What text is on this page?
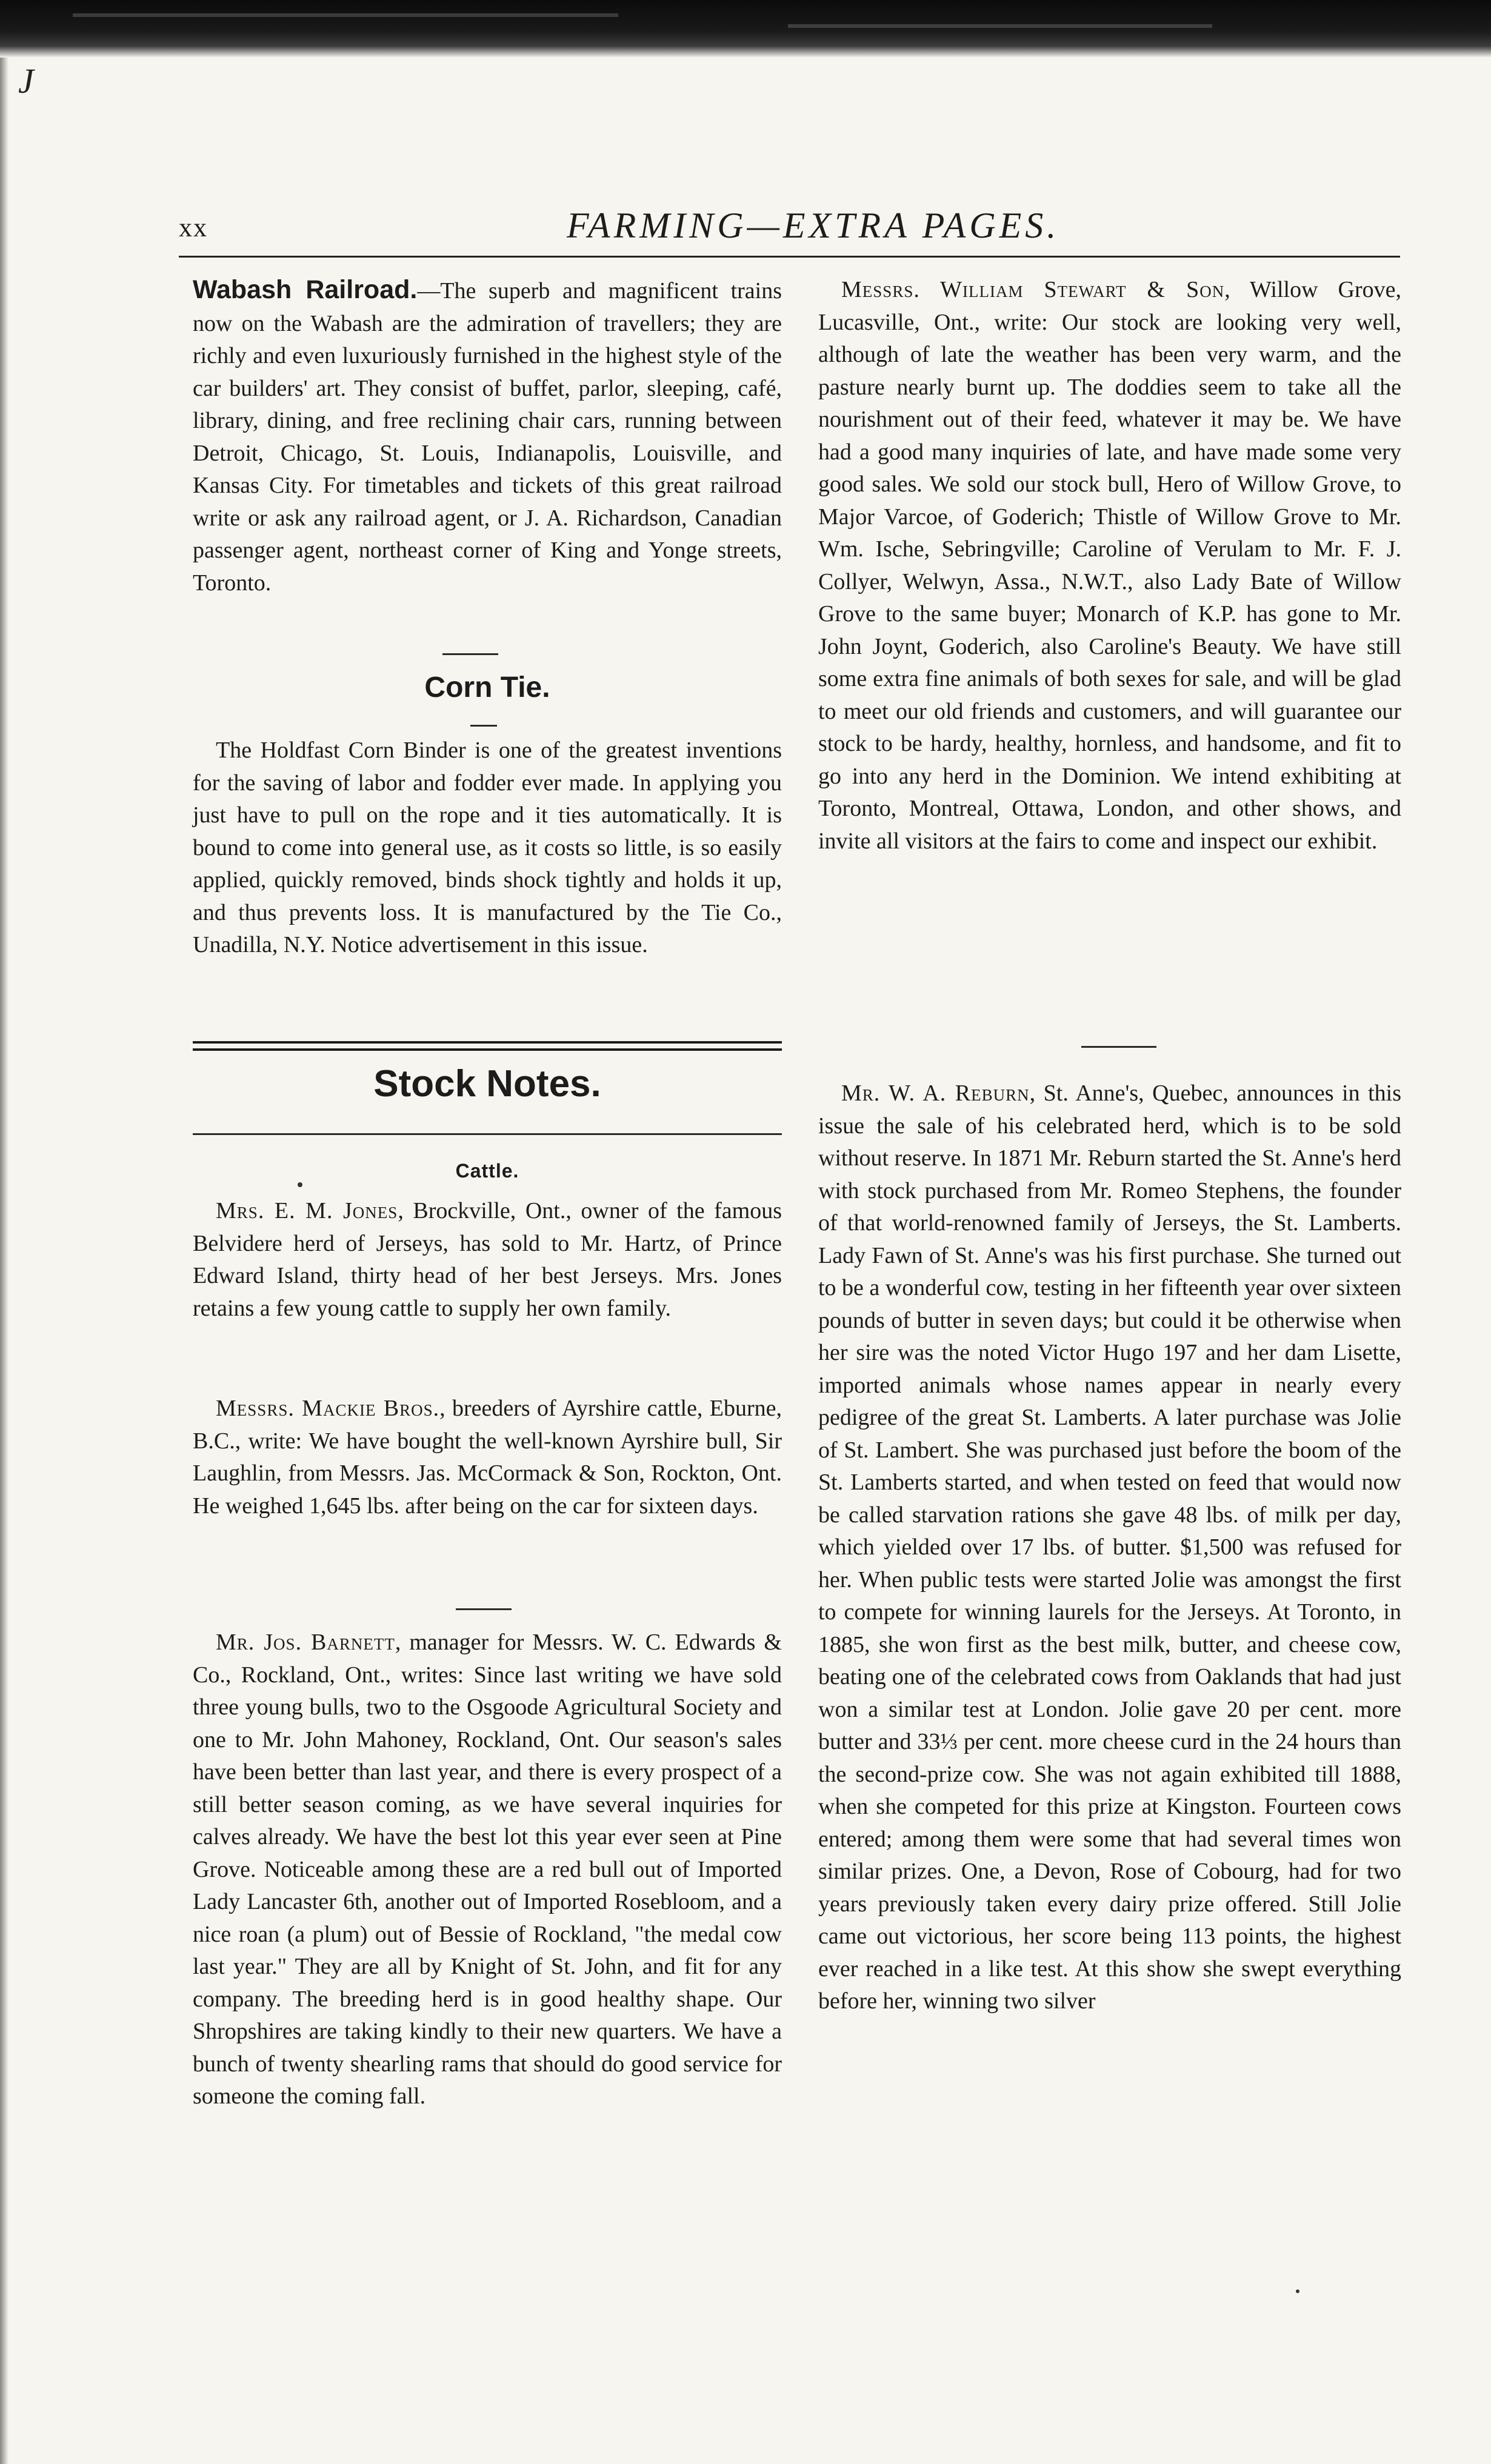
J
xx	FARMING—EXTRA PAGES.

Wabash Railroad.—The superb and magnificent trains now on the Wabash are the admiration of travellers; they are richly and even luxuriously furnished in the highest style of the car builders' art. They consist of buffet, parlor, sleeping, café, library, dining, and free reclining chair cars, running between Detroit, Chicago, St. Louis, Indianapolis, Louisville, and Kansas City. For timetables and tickets of this great railroad write or ask any railroad agent, or J. A. Richardson, Canadian passenger agent, northeast corner of King and Yonge streets, Toronto.

Corn Tie.

The Holdfast Corn Binder is one of the greatest inventions for the saving of labor and fodder ever made. In applying you just have to pull on the rope and it ties automatically. It is bound to come into general use, as it costs so little, is so easily applied, quickly removed, binds shock tightly and holds it up, and thus prevents loss. It is manufactured by the Tie Co., Unadilla, N.Y. Notice advertisement in this issue.

Stock Notes.
Cattle.

Mrs. E. M. Jones, Brockville, Ont., owner of the famous Belvidere herd of Jerseys, has sold to Mr. Hartz, of Prince Edward Island, thirty head of her best Jerseys. Mrs. Jones retains a few young cattle to supply her own family.

Messrs. Mackie Bros., breeders of Ayrshire cattle, Eburne, B.C., write: We have bought the well-known Ayrshire bull, Sir Laughlin, from Messrs. Jas. McCormack & Son, Rockton, Ont. He weighed 1,645 lbs. after being on the car for sixteen days.

Mr. Jos. Barnett, manager for Messrs. W. C. Edwards & Co., Rockland, Ont., writes: Since last writing we have sold three young bulls, two to the Osgoode Agricultural Society and one to Mr. John Mahoney, Rockland, Ont. Our season's sales have been better than last year, and there is every prospect of a still better season coming, as we have several inquiries for calves already. We have the best lot this year ever seen at Pine Grove. Noticeable among these are a red bull out of Imported Lady Lancaster 6th, another out of Imported Rosebloom, and a nice roan (a plum) out of Bessie of Rockland, "the medal cow last year." They are all by Knight of St. John, and fit for any company. The breeding herd is in good healthy shape. Our Shropshires are taking kindly to their new quarters. We have a bunch of twenty shearling rams that should do good service for someone the coming fall.

Messrs. William Stewart & Son, Willow Grove, Lucasville, Ont., write: Our stock are looking very well, although of late the weather has been very warm, and the pasture nearly burnt up. The doddies seem to take all the nourishment out of their feed, whatever it may be. We have had a good many inquiries of late, and have made some very good sales. We sold our stock bull, Hero of Willow Grove, to Major Varcoe, of Goderich; Thistle of Willow Grove to Mr. Wm. Ische, Sebringville; Caroline of Verulam to Mr. F. J. Collyer, Welwyn, Assa., N.W.T., also Lady Bate of Willow Grove to the same buyer; Monarch of K.P. has gone to Mr. John Joynt, Goderich, also Caroline's Beauty. We have still some extra fine animals of both sexes for sale, and will be glad to meet our old friends and customers, and will guarantee our stock to be hardy, healthy, hornless, and handsome, and fit to go into any herd in the Dominion. We intend exhibiting at Toronto, Montreal, Ottawa, London, and other shows, and invite all visitors at the fairs to come and inspect our exhibit.

Mr. W. A. Reburn, St. Anne's, Quebec, announces in this issue the sale of his celebrated herd, which is to be sold without reserve. In 1871 Mr. Reburn started the St. Anne's herd with stock purchased from Mr. Romeo Stephens, the founder of that world-renowned family of Jerseys, the St. Lamberts. Lady Fawn of St. Anne's was his first purchase. She turned out to be a wonderful cow, testing in her fifteenth year over sixteen pounds of butter in seven days; but could it be otherwise when her sire was the noted Victor Hugo 197 and her dam Lisette, imported animals whose names appear in nearly every pedigree of the great St. Lamberts. A later purchase was Jolie of St. Lambert. She was purchased just before the boom of the St. Lamberts started, and when tested on feed that would now be called starvation rations she gave 48 lbs. of milk per day, which yielded over 17 lbs. of butter. $1,500 was refused for her. When public tests were started Jolie was amongst the first to compete for winning laurels for the Jerseys. At Toronto, in 1885, she won first as the best milk, butter, and cheese cow, beating one of the celebrated cows from Oaklands that had just won a similar test at London. Jolie gave 20 per cent. more butter and 33⅓ per cent. more cheese curd in the 24 hours than the second-prize cow. She was not again exhibited till 1888, when she competed for this prize at Kingston. Fourteen cows entered; among them were some that had several times won similar prizes. One, a Devon, Rose of Cobourg, had for two years previously taken every dairy prize offered. Still Jolie came out victorious, her score being 113 points, the highest ever reached in a like test. At this show she swept everything before her, winning two silver
